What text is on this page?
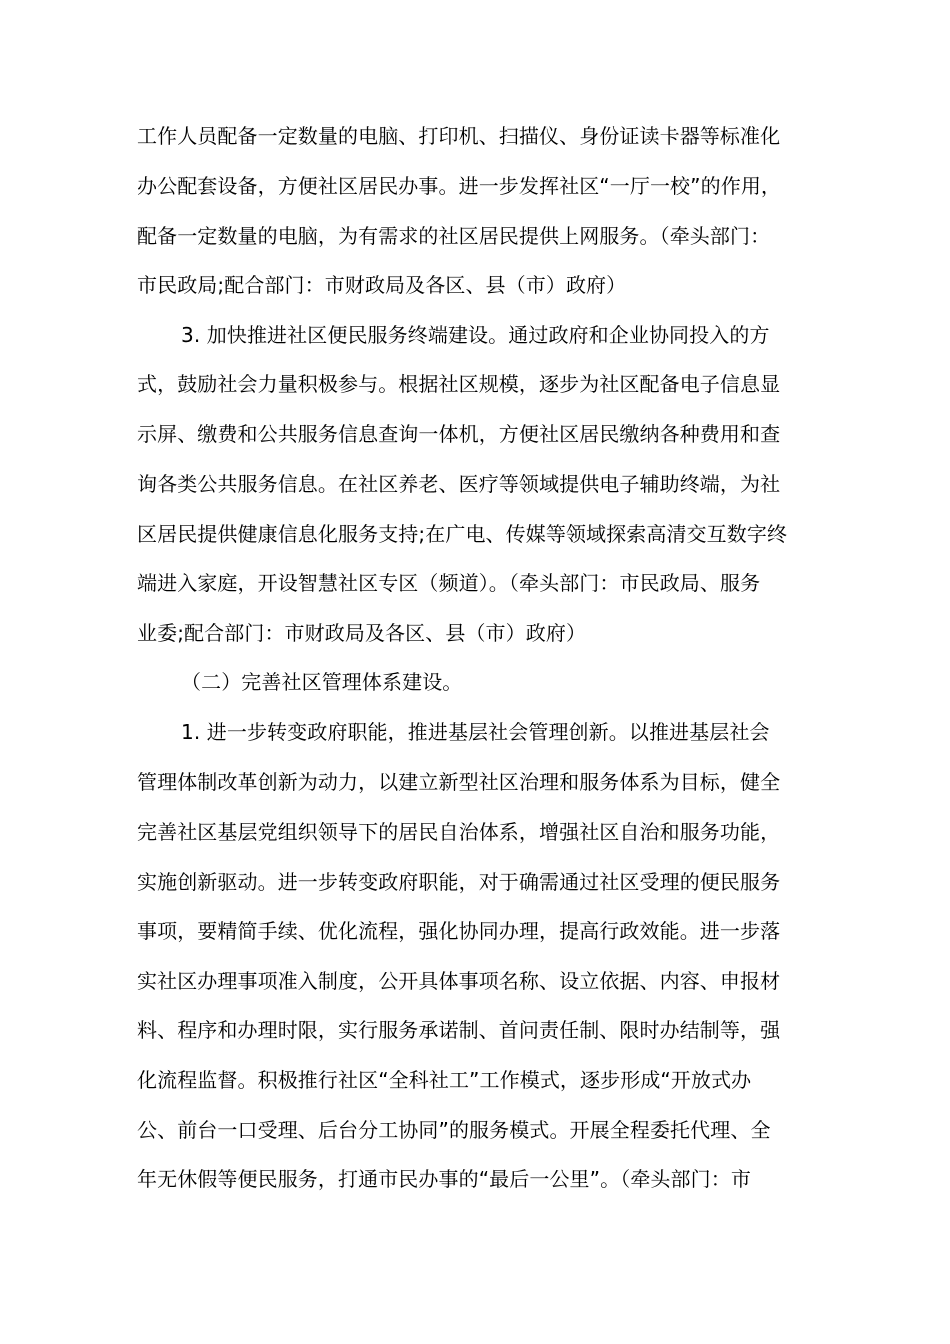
工作人员配备一定数量的电脑、打印机、扫描仪、身份证读卡器等标准化
办公配套设备，方便社区居民办事。进一步发挥社区“一厅一校”的作用，
配备一定数量的电脑，为有需求的社区居民提供上网服务。（牵头部门：
市民政局;配合部门：市财政局及各区、县（市）政府）
3. 加快推进社区便民服务终端建设。通过政府和企业协同投入的方
式，鼓励社会力量积极参与。根据社区规模，逐步为社区配备电子信息显
示屏、缴费和公共服务信息查询一体机，方便社区居民缴纳各种费用和查
询各类公共服务信息。在社区养老、医疗等领域提供电子辅助终端，为社
区居民提供健康信息化服务支持;在广电、传媒等领域探索高清交互数字终
端进入家庭，开设智慧社区专区（频道）。（牵头部门：市民政局、服务
业委;配合部门：市财政局及各区、县（市）政府）
（二）完善社区管理体系建设。
1. 进一步转变政府职能，推进基层社会管理创新。以推进基层社会
管理体制改革创新为动力，以建立新型社区治理和服务体系为目标，健全
完善社区基层党组织领导下的居民自治体系，增强社区自治和服务功能，
实施创新驱动。进一步转变政府职能，对于确需通过社区受理的便民服务
事项，要精简手续、优化流程，强化协同办理，提高行政效能。进一步落
实社区办理事项准入制度，公开具体事项名称、设立依据、内容、申报材
料、程序和办理时限，实行服务承诺制、首问责任制、限时办结制等，强
化流程监督。积极推行社区“全科社工”工作模式，逐步形成“开放式办
公、前台一口受理、后台分工协同”的服务模式。开展全程委托代理、全
年无休假等便民服务，打通市民办事的“最后一公里”。（牵头部门：市
